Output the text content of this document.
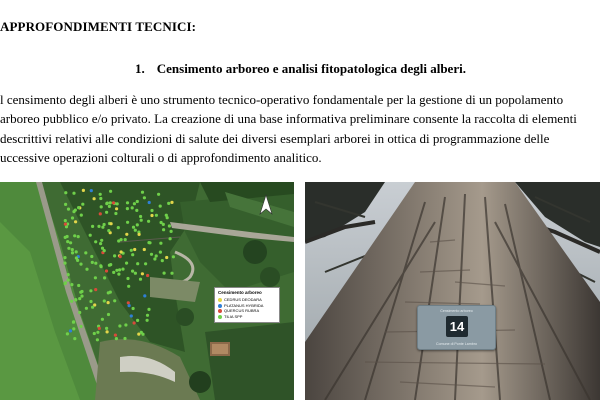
APPROFONDIMENTI TECNICI:
1. Censimento arboreo e analisi fitopatologica degli alberi.
l censimento degli alberi è uno strumento tecnico-operativo fondamentale per la gestione di un popolamento
arboreo pubblico e/o privato. La creazione di una base informativa preliminare consente la raccolta di elementi
descrittivi relativi alle condizioni di salute dei diversi esemplari arborei in ottica di programmazione delle
uccessive operazioni colturali o di approfondimento analitico.
Censimento arboreo
CEDRUS DEODARA
PLATANUS HYBRIDA
QUERCUS RUBRA
TILIA SPP
Censimento arboreo
14
Comune di Ponte Lambro
